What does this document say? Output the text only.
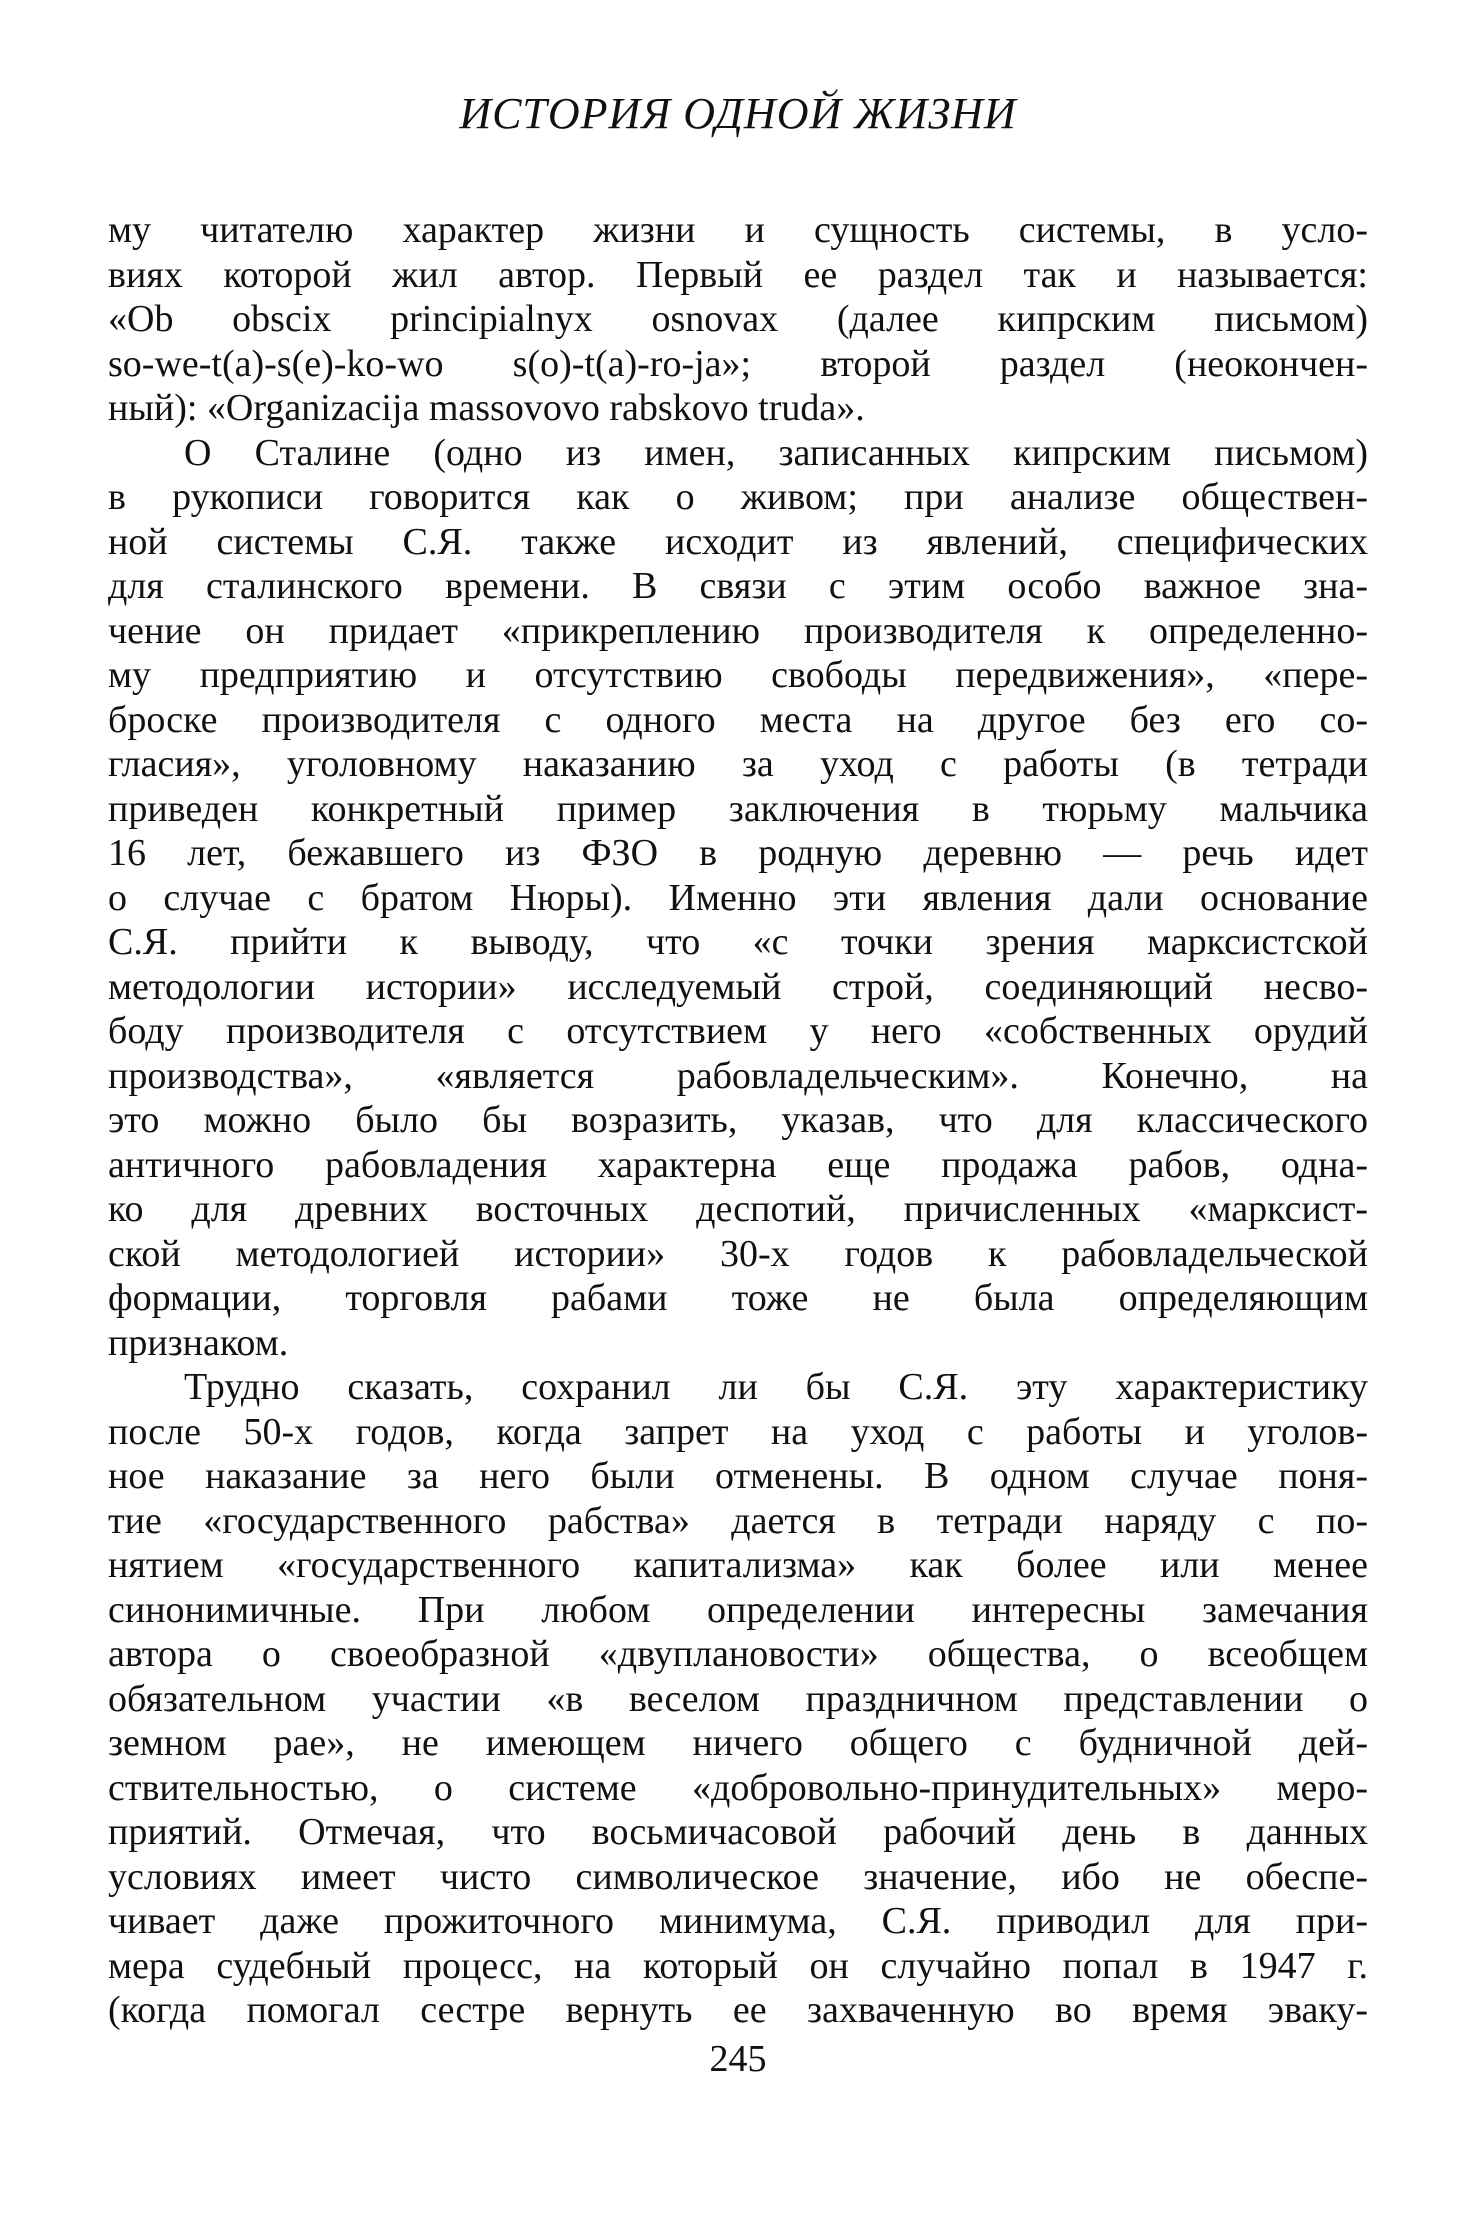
ИСТОРИЯ ОДНОЙ ЖИЗНИ
му читателю характер жизни и сущность системы, в усло-
виях которой жил автор. Первый ее раздел так и называется:
«Ob obscix principialnyx osnovax (далее кипрским письмом)
so-we-t(a)-s(e)-ko-wo s(o)-t(a)-ro-ja»; второй раздел (неокончен-
ный): «Organizacija massovovo rabskovo truda».
О Сталине (одно из имен, записанных кипрским письмом)
в рукописи говорится как о живом; при анализе обществен-
ной системы С.Я. также исходит из явлений, специфических
для сталинского времени. В связи с этим особо важное зна-
чение он придает «прикреплению производителя к определенно-
му предприятию и отсутствию свободы передвижения», «пере-
броске производителя с одного места на другое без его со-
гласия», уголовному наказанию за уход с работы (в тетради
приведен конкретный пример заключения в тюрьму мальчика
16 лет, бежавшего из ФЗО в родную деревню — речь идет
о случае с братом Нюры). Именно эти явления дали основание
С.Я. прийти к выводу, что «с точки зрения марксистской
методологии истории» исследуемый строй, соединяющий несво-
боду производителя с отсутствием у него «собственных орудий
производства», «является рабовладельческим». Конечно, на
это можно было бы возразить, указав, что для классического
античного рабовладения характерна еще продажа рабов, одна-
ко для древних восточных деспотий, причисленных «марксист-
ской методологией истории» 30-х годов к рабовладельческой
формации, торговля рабами тоже не была определяющим
признаком.
Трудно сказать, сохранил ли бы С.Я. эту характеристику
после 50-х годов, когда запрет на уход с работы и уголов-
ное наказание за него были отменены. В одном случае поня-
тие «государственного рабства» дается в тетради наряду с по-
нятием «государственного капитализма» как более или менее
синонимичные. При любом определении интересны замечания
автора о своеобразной «двуплановости» общества, о всеобщем
обязательном участии «в веселом праздничном представлении о
земном рае», не имеющем ничего общего с будничной дей-
ствительностью, о системе «добровольно-принудительных» меро-
приятий. Отмечая, что восьмичасовой рабочий день в данных
условиях имеет чисто символическое значение, ибо не обеспе-
чивает даже прожиточного минимума, С.Я. приводил для при-
мера судебный процесс, на который он случайно попал в 1947 г.
(когда помогал сестре вернуть ее захваченную во время эваку-
245
